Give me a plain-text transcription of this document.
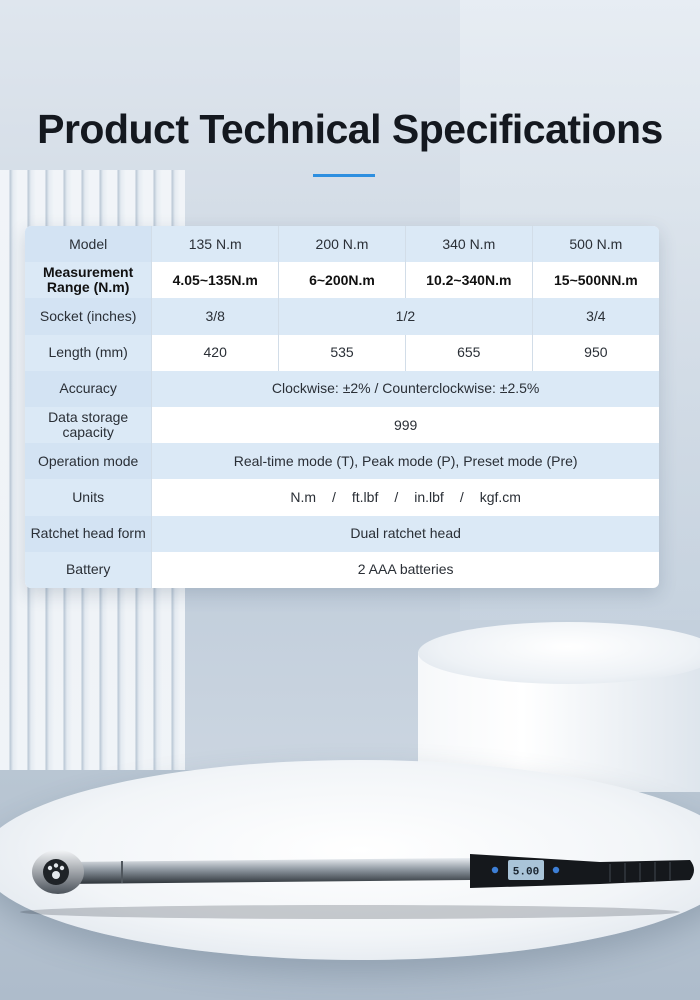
Product Technical Specifications
Model	135 N.m	200 N.m	340 N.m	500 N.m
Measurement Range (N.m)	4.05~135N.m	6~200N.m	10.2~340N.m	15~500NN.m
Socket (inches)	3/8	1/2		3/4
Length (mm)	420	535	655	950
Accuracy	Clockwise: ±2% / Counterclockwise: ±2.5%			
Data storage capacity	999			
Operation mode	Real-time mode (T), Peak mode (P), Preset mode (Pre)			
Units	N.m / ft.lbf / in.lbf / kgf.cm			
Ratchet head form	Dual ratchet head			
Battery	2 AAA batteries			
5.00
